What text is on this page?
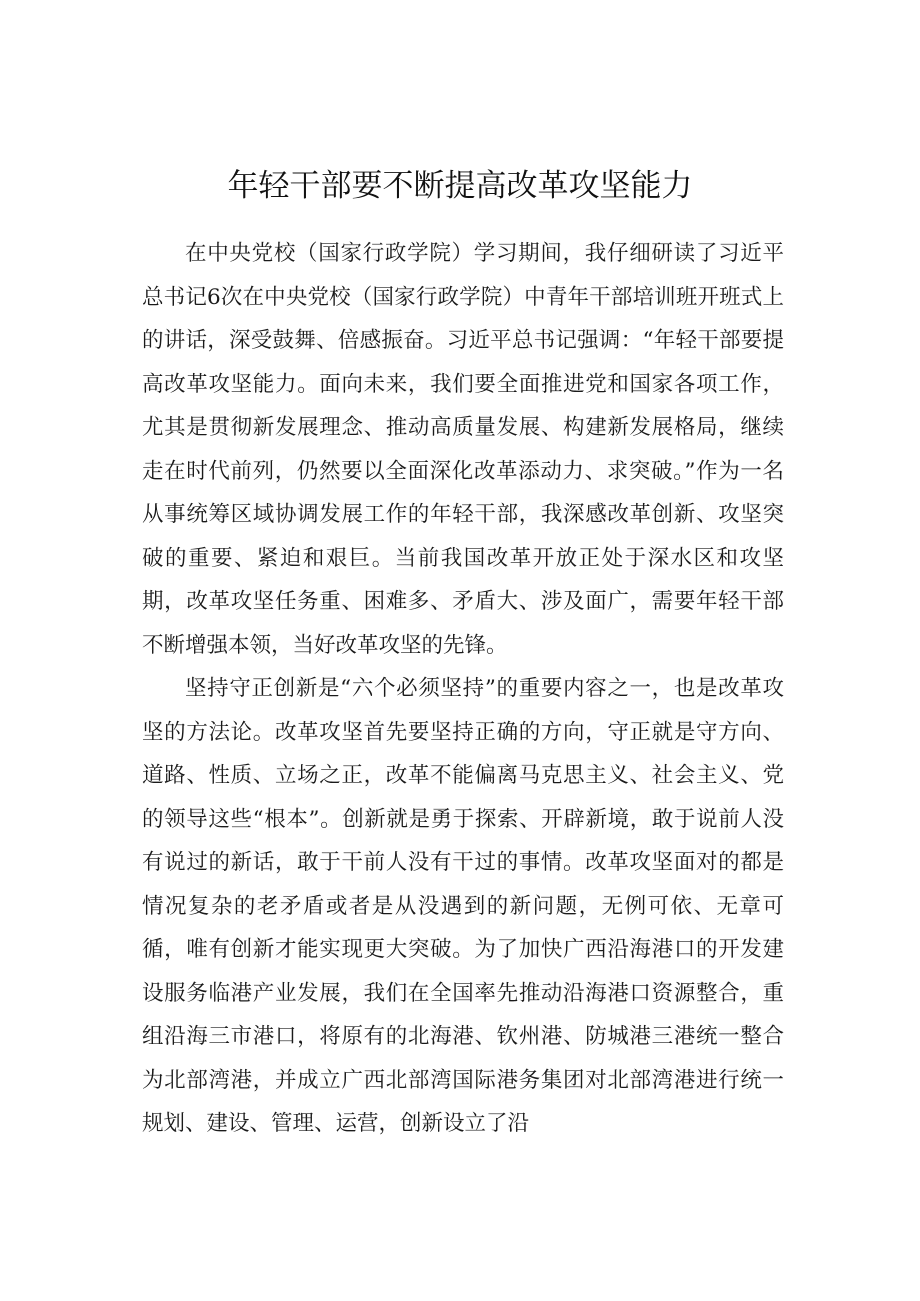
年轻干部要不断提高改革攻坚能力

在中央党校（国家行政学院）学习期间，我仔细研读了习近平总书记6次在中央党校（国家行政学院）中青年干部培训班开班式上的讲话，深受鼓舞、倍感振奋。习近平总书记强调：“年轻干部要提高改革攻坚能力。面向未来，我们要全面推进党和国家各项工作，尤其是贯彻新发展理念、推动高质量发展、构建新发展格局，继续走在时代前列，仍然要以全面深化改革添动力、求突破。”作为一名从事统筹区域协调发展工作的年轻干部，我深感改革创新、攻坚突破的重要、紧迫和艰巨。当前我国改革开放正处于深水区和攻坚期，改革攻坚任务重、困难多、矛盾大、涉及面广，需要年轻干部不断增强本领，当好改革攻坚的先锋。

坚持守正创新是“六个必须坚持”的重要内容之一，也是改革攻坚的方法论。改革攻坚首先要坚持正确的方向，守正就是守方向、道路、性质、立场之正，改革不能偏离马克思主义、社会主义、党的领导这些“根本”。创新就是勇于探索、开辟新境，敢于说前人没有说过的新话，敢于干前人没有干过的事情。改革攻坚面对的都是情况复杂的老矛盾或者是从没遇到的新问题，无例可依、无章可循，唯有创新才能实现更大突破。为了加快广西沿海港口的开发建设服务临港产业发展，我们在全国率先推动沿海港口资源整合，重组沿海三市港口，将原有的北海港、钦州港、防城港三港统一整合为北部湾港，并成立广西北部湾国际港务集团对北部湾港进行统一规划、建设、管理、运营，创新设立了沿
